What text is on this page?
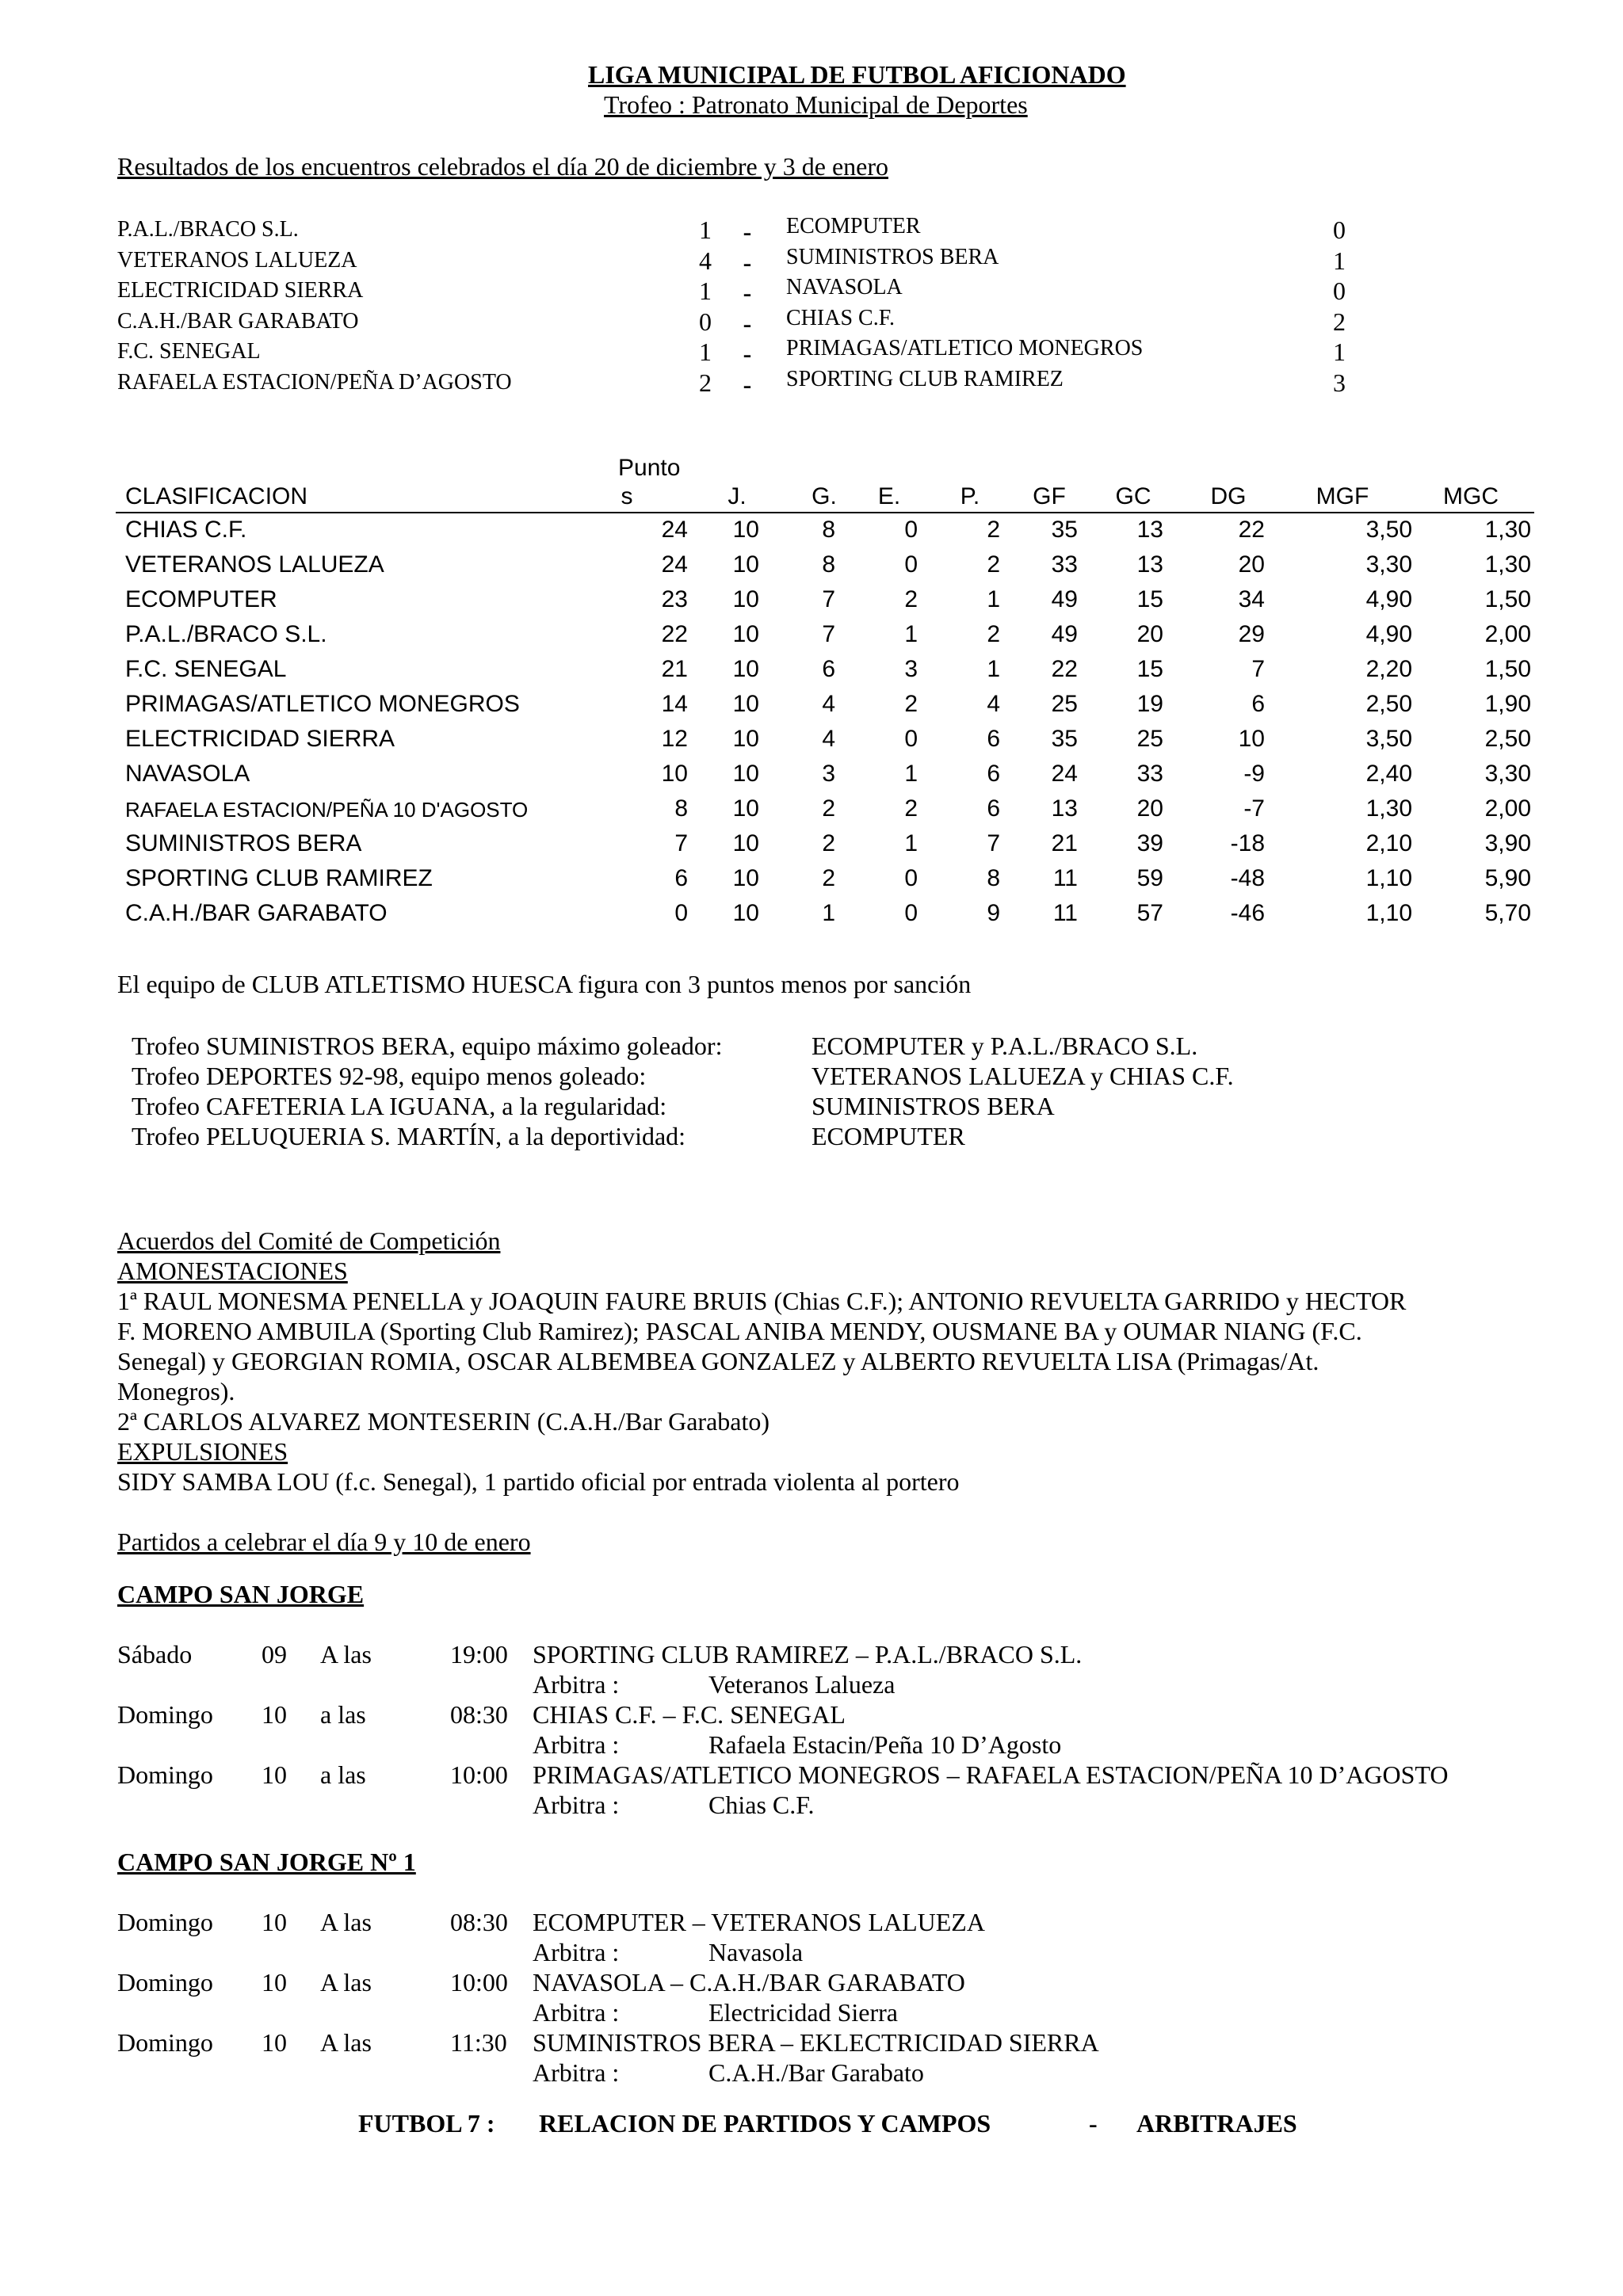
LIGA MUNICIPAL DE FUTBOL AFICIONADO
Trofeo : Patronato Municipal de Deportes
Resultados de los encuentros celebrados el día 20 de diciembre y 3 de enero
P.A.L./BRACO S.L.	1	-	ECOMPUTER	0
VETERANOS LALUEZA	4	-	SUMINISTROS BERA	1
ELECTRICIDAD SIERRA	1	-	NAVASOLA	0
C.A.H./BAR GARABATO	0	-	CHIAS C.F.	2
F.C. SENEGAL	1	-	PRIMAGAS/ATLETICO MONEGROS	1
RAFAELA ESTACION/PEÑA D’AGOSTO	2	-	SPORTING CLUB RAMIREZ	3
Punto
CLASIFICACION	s	J.	G.	E.	P.	GF	GC	DG	MGF	MGC
CHIAS C.F.	24	10	8	0	2	35	13	22	3,50	1,30
VETERANOS LALUEZA	24	10	8	0	2	33	13	20	3,30	1,30
ECOMPUTER	23	10	7	2	1	49	15	34	4,90	1,50
P.A.L./BRACO S.L.	22	10	7	1	2	49	20	29	4,90	2,00
F.C. SENEGAL	21	10	6	3	1	22	15	7	2,20	1,50
PRIMAGAS/ATLETICO MONEGROS	14	10	4	2	4	25	19	6	2,50	1,90
ELECTRICIDAD SIERRA	12	10	4	0	6	35	25	10	3,50	2,50
NAVASOLA	10	10	3	1	6	24	33	-9	2,40	3,30
RAFAELA ESTACION/PEÑA 10 D'AGOSTO	8	10	2	2	6	13	20	-7	1,30	2,00
SUMINISTROS BERA	7	10	2	1	7	21	39	-18	2,10	3,90
SPORTING CLUB RAMIREZ	6	10	2	0	8	11	59	-48	1,10	5,90
C.A.H./BAR GARABATO	0	10	1	0	9	11	57	-46	1,10	5,70
El equipo de CLUB ATLETISMO HUESCA figura con 3 puntos menos por sanción
Trofeo SUMINISTROS BERA, equipo máximo goleador:	ECOMPUTER y P.A.L./BRACO S.L.
Trofeo DEPORTES 92-98, equipo menos goleado:	VETERANOS LALUEZA y CHIAS C.F.
Trofeo CAFETERIA LA IGUANA, a la regularidad:	SUMINISTROS BERA
Trofeo PELUQUERIA S. MARTÍN, a la deportividad:	ECOMPUTER
Acuerdos del Comité de Competición
AMONESTACIONES
1ª RAUL MONESMA PENELLA y JOAQUIN FAURE BRUIS (Chias C.F.); ANTONIO REVUELTA GARRIDO y HECTOR
F. MORENO AMBUILA (Sporting Club Ramirez); PASCAL ANIBA MENDY, OUSMANE BA y OUMAR NIANG (F.C.
Senegal) y GEORGIAN ROMIA, OSCAR ALBEMBEA GONZALEZ y ALBERTO REVUELTA LISA (Primagas/At.
Monegros).
2ª CARLOS ALVAREZ MONTESERIN (C.A.H./Bar Garabato)
EXPULSIONES
SIDY SAMBA LOU (f.c. Senegal), 1 partido oficial por entrada violenta al portero
Partidos a celebrar el día 9 y 10 de enero
CAMPO SAN JORGE
Sábado	09 A las	19:00 SPORTING CLUB RAMIREZ – P.A.L./BRACO S.L.
Arbitra :	Veteranos Lalueza
Domingo 10 a las	08:30 CHIAS C.F. – F.C. SENEGAL
Arbitra :	Rafaela Estacin/Peña 10 D’Agosto
Domingo 10 a las	10:00 PRIMAGAS/ATLETICO MONEGROS – RAFAELA ESTACION/PEÑA 10 D’AGOSTO
Arbitra :	Chias C.F.
CAMPO SAN JORGE Nº 1
Domingo 10 A las	08:30 ECOMPUTER – VETERANOS LALUEZA
Arbitra :	Navasola
Domingo 10 A las	10:00 NAVASOLA – C.A.H./BAR GARABATO
Arbitra :	Electricidad Sierra
Domingo 10 A las	11:30 SUMINISTROS BERA – EKLECTRICIDAD SIERRA
Arbitra :	C.A.H./Bar Garabato
FUTBOL 7 : RELACION DE PARTIDOS Y CAMPOS	- ARBITRAJES
